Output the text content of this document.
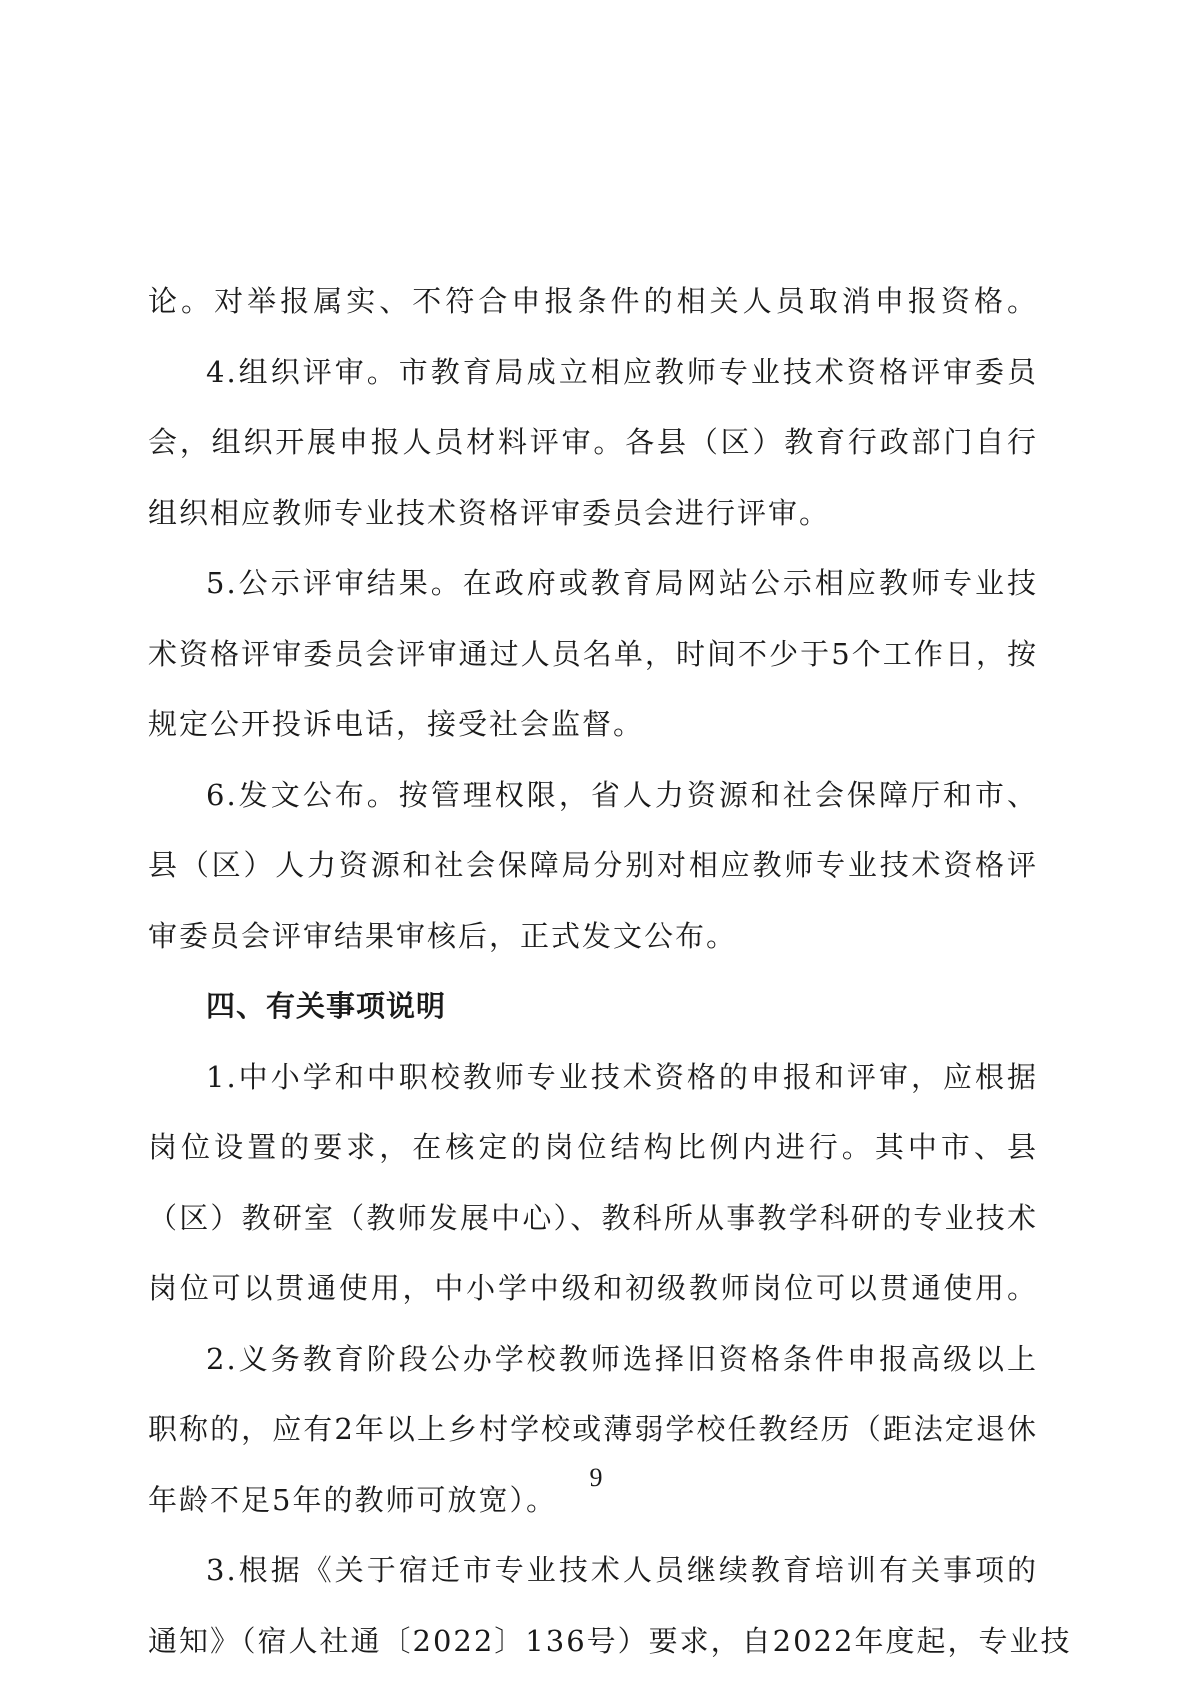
论。对举报属实、不符合申报条件的相关人员取消申报资格。
4.组织评审。市教育局成立相应教师专业技术资格评审委员
会，组织开展申报人员材料评审。各县（区）教育行政部门自行
组织相应教师专业技术资格评审委员会进行评审。
5.公示评审结果。在政府或教育局网站公示相应教师专业技
术资格评审委员会评审通过人员名单，时间不少于5个工作日，按
规定公开投诉电话，接受社会监督。
6.发文公布。按管理权限，省人力资源和社会保障厅和市、
县（区）人力资源和社会保障局分别对相应教师专业技术资格评
审委员会评审结果审核后，正式发文公布。
四、有关事项说明
1.中小学和中职校教师专业技术资格的申报和评审，应根据
岗位设置的要求，在核定的岗位结构比例内进行。其中市、县
（区）教研室（教师发展中心）、教科所从事教学科研的专业技术
岗位可以贯通使用，中小学中级和初级教师岗位可以贯通使用。
2.义务教育阶段公办学校教师选择旧资格条件申报高级以上
职称的，应有2年以上乡村学校或薄弱学校任教经历（距法定退休
年龄不足5年的教师可放宽）。
3.根据《关于宿迁市专业技术人员继续教育培训有关事项的
通知》（宿人社通〔2022〕136号）要求，自2022年度起，专业技
9
